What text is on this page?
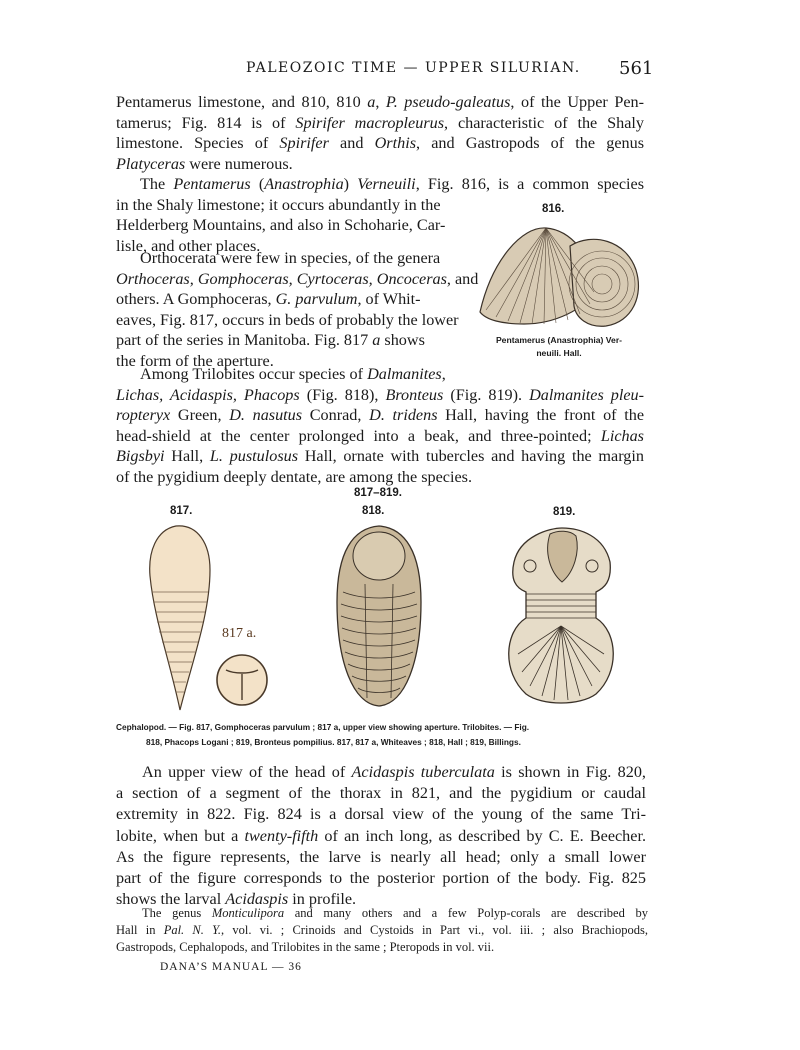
PALEOZOIC TIME — UPPER SILURIAN. 561
Pentamerus limestone, and 810, 810 a, P. pseudo-galeatus, of the Upper Pen-
tamerus; Fig. 814 is of Spirifer macropleurus, characteristic of the Shaly
limestone. Species of Spirifer and Orthis, and Gastropods of the genus
Platyceras were numerous.
The Pentamerus (Anastrophia) Verneuili, Fig. 816, is a common species
in the Shaly limestone; it occurs abundantly in the
Helderberg Mountains, and also in Schoharie, Car-
lisle, and other places.
Orthocerata were few in species, of the genera
Orthoceras, Gomphoceras, Cyrtoceras, Oncoceras, and
others. A Gomphoceras, G. parvulum, of Whit-
eaves, Fig. 817, occurs in beds of probably the lower
part of the series in Manitoba. Fig. 817 a shows
the form of the aperture.
Among Trilobites occur species of Dalmanites,
Lichas, Acidaspis, Phacops (Fig. 818), Bronteus (Fig. 819). Dalmanites pleu-
ropteryx Green, D. nasutus Conrad, D. tridens Hall, having the front of the
head-shield at the center prolonged into a beak, and three-pointed; Lichas
Bigsbyi Hall, L. pustulosus Hall, ornate with tubercles and having the margin
of the pygidium deeply dentate, are among the species.
816.
Pentamerus (Anastrophia) Ver-
neuili. Hall.
817–819.
817.	818.	819.
817 a.
Cephalopod. — Fig. 817, Gomphoceras parvulum ; 817 a, upper view showing aperture. Trilobites. — Fig.
818, Phacops Logani ; 819, Bronteus pompilius. 817, 817 a, Whiteaves ; 818, Hall ; 819, Billings.
An upper view of the head of Acidaspis tuberculata is shown in Fig. 820,
a section of a segment of the thorax in 821, and the pygidium or caudal
extremity in 822. Fig. 824 is a dorsal view of the young of the same Tri-
lobite, when but a twenty-fifth of an inch long, as described by C. E. Beecher.
As the figure represents, the larve is nearly all head; only a small lower
part of the figure corresponds to the posterior portion of the body. Fig. 825
shows the larval Acidaspis in profile.
The genus Monticulipora and many others and a few Polyp-corals are described by
Hall in Pal. N. Y., vol. vi. ; Crinoids and Cystoids in Part vi., vol. iii. ; also Brachiopods,
Gastropods, Cephalopods, and Trilobites in the same ; Pteropods in vol. vii.
DANA’S MANUAL — 36
